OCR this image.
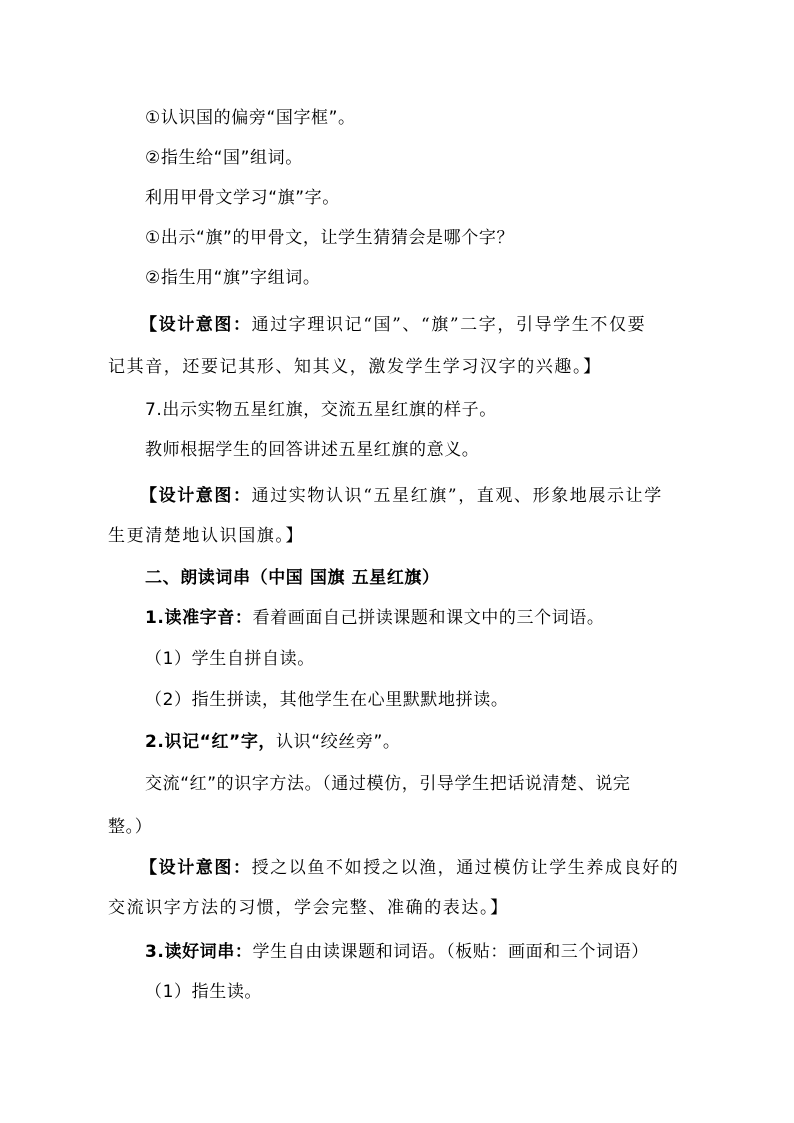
①认识国的偏旁“国字框”。
②指生给“国”组词。
利用甲骨文学习“旗”字。
①出示“旗”的甲骨文，让学生猜猜会是哪个字？
②指生用“旗”字组词。
【设计意图：通过字理识记“国”、“旗”二字，引导学生不仅要
记其音，还要记其形、知其义，激发学生学习汉字的兴趣。】
7.出示实物五星红旗，交流五星红旗的样子。
教师根据学生的回答讲述五星红旗的意义。
【设计意图：通过实物认识“五星红旗”，直观、形象地展示让学
生更清楚地认识国旗。】
二、朗读词串（中国 国旗 五星红旗）
1.读准字音：看着画面自己拼读课题和课文中的三个词语。
（1）学生自拼自读。
（2）指生拼读，其他学生在心里默默地拼读。
2.识记“红”字，认识“绞丝旁”。
交流“红”的识字方法。（通过模仿，引导学生把话说清楚、说完
整。）
【设计意图：授之以鱼不如授之以渔，通过模仿让学生养成良好的
交流识字方法的习惯，学会完整、准确的表达。】
3.读好词串：学生自由读课题和词语。（板贴：画面和三个词语）
（1）指生读。
